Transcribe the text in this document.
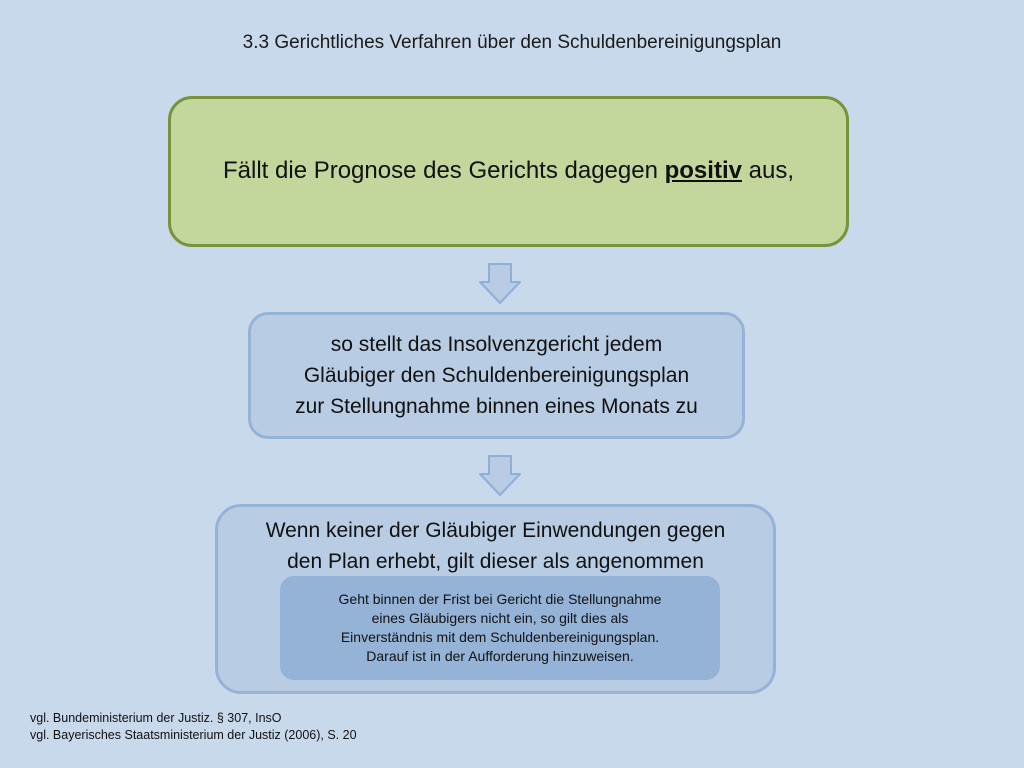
3.3 Gerichtliches Verfahren über den Schuldenbereinigungsplan
Fällt die Prognose des Gerichts dagegen positiv aus,
so stellt das Insolvenzgericht jedem
Gläubiger den Schuldenbereinigungsplan
zur Stellungnahme binnen eines Monats zu
Wenn keiner der Gläubiger Einwendungen gegen
den Plan erhebt, gilt dieser als angenommen
Geht binnen der Frist bei Gericht die Stellungnahme
eines Gläubigers nicht ein, so gilt dies als
Einverständnis mit dem Schuldenbereinigungsplan.
Darauf ist in der Aufforderung hinzuweisen.
vgl. Bundeministerium der Justiz. § 307, InsO
vgl. Bayerisches Staatsministerium der Justiz (2006), S. 20
